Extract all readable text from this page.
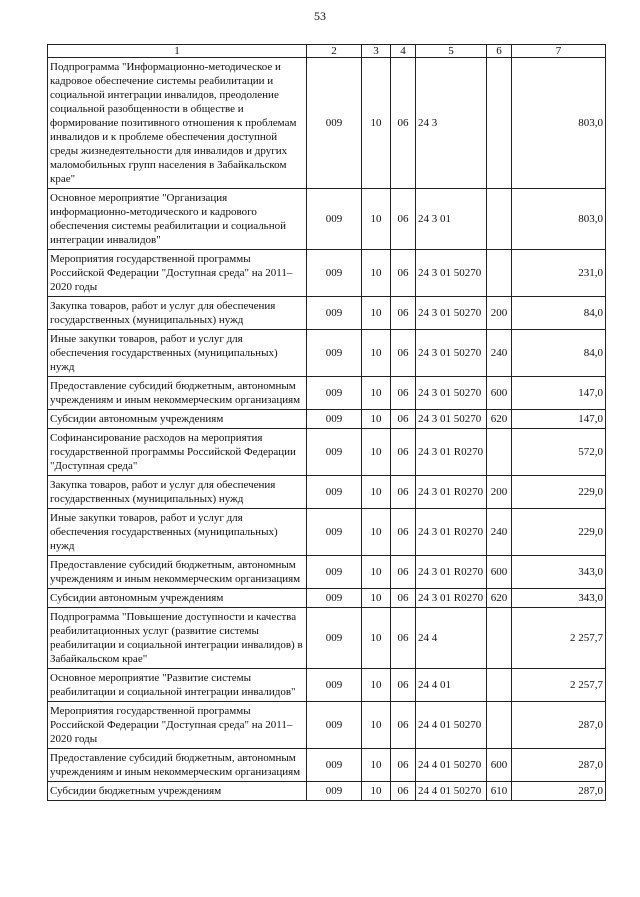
53
1	2	3	4	5	6	7
Подпрограмма "Информационно-методическое и кадровое обеспечение системы реабилитации и социальной интеграции инвалидов, преодоление социальной разобщенности в обществе и формирование позитивного отношения к проблемам инвалидов и к проблеме обеспечения доступной среды жизнедеятельности для инвалидов и других маломобильных групп населения в Забайкальском крае"	009	10	06	24 3		803,0
Основное мероприятие "Организация информационно-методического и кадрового обеспечения системы реабилитации и социальной интеграции инвалидов"	009	10	06	24 3 01		803,0
Мероприятия государственной программы Российской Федерации "Доступная среда" на 2011–2020 годы	009	10	06	24 3 01 50270		231,0
Закупка товаров, работ и услуг для обеспечения государственных (муниципальных) нужд	009	10	06	24 3 01 50270	200	84,0
Иные закупки товаров, работ и услуг для обеспечения государственных (муниципальных) нужд	009	10	06	24 3 01 50270	240	84,0
Предоставление субсидий бюджетным, автономным учреждениям и иным некоммерческим организациям	009	10	06	24 3 01 50270	600	147,0
Субсидии автономным учреждениям	009	10	06	24 3 01 50270	620	147,0
Софинансирование расходов на мероприятия государственной программы Российской Федерации "Доступная среда"	009	10	06	24 3 01 R0270		572,0
Закупка товаров, работ и услуг для обеспечения государственных (муниципальных) нужд	009	10	06	24 3 01 R0270	200	229,0
Иные закупки товаров, работ и услуг для обеспечения государственных (муниципальных) нужд	009	10	06	24 3 01 R0270	240	229,0
Предоставление субсидий бюджетным, автономным учреждениям и иным некоммерческим организациям	009	10	06	24 3 01 R0270	600	343,0
Субсидии автономным учреждениям	009	10	06	24 3 01 R0270	620	343,0
Подпрограмма "Повышение доступности и качества реабилитационных услуг (развитие системы реабилитации и социальной интеграции инвалидов) в Забайкальском крае"	009	10	06	24 4		2 257,7
Основное мероприятие "Развитие системы реабилитации и социальной интеграции инвалидов"	009	10	06	24 4 01		2 257,7
Мероприятия государственной программы Российской Федерации "Доступная среда" на 2011–2020 годы	009	10	06	24 4 01 50270		287,0
Предоставление субсидий бюджетным, автономным учреждениям и иным некоммерческим организациям	009	10	06	24 4 01 50270	600	287,0
Субсидии бюджетным учреждениям	009	10	06	24 4 01 50270	610	287,0
